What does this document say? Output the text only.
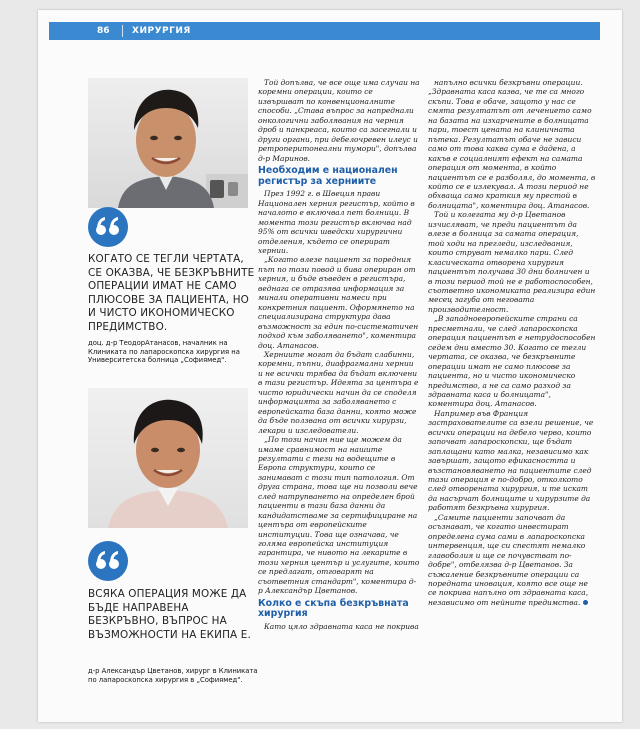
86 ХИРУРГИЯ
КОГАТО СЕ ТЕГЛИ ЧЕРТАТА, СЕ ОКАЗВА, ЧЕ БЕЗКРЪВНИТЕ ОПЕРАЦИИ ИМАТ НЕ САМО ПЛЮСОВЕ ЗА ПАЦИЕНТА, НО И ЧИСТО ИКОНОМИЧЕСКО ПРЕДИМСТВО.
доц. д-р ТеодорАтанасов, началник на Клиниката по лапароскопска хирургия на Университетска болница „Софиямед".
ВСЯКА ОПЕРАЦИЯ МОЖЕ ДА БЪДЕ НАПРАВЕНА БЕЗКРЪВНО, ВЪПРОС НА ВЪЗМОЖНОСТИ НА ЕКИПА Е.
д-р Александър Цветанов, хирург в Клиниката по лапароскопска хирургия в „Софиямед".

Той допълва, че все още има случаи на коремни операции, които се извършват по конвенционалните способи. „Става въпрос за напреднали онкологични заболявания на черния дроб и панкреаса, които са засегнали и други органи, при дебелочревен илеус и ретроперитонеални тумори", допълва д-р Маринов.

Необходим е национален регистър за херниите

През 1992 г. в Швеция прави Национален херния регистър, който в началото е включвал пет болници. В момента този регистър включва над 95% от всички шведски хирургични отделения, където се оперират хернии.

„Когато влезе пациент за поредния път по този повод и бива опериран от херния, и бъде въведен в регистъра, веднага се отразява информация за минали оперативни намеси при конкретния пациент. Оформянето на специализирана структура дава възможност за един по-систематичен подход към заболяването", коментира доц. Атанасов.

Херниите могат да бъдат слабинни, коремни, пъпни, диафрагмални хернии и не всички трябва да бъдат включени в тази регистър. Идеята за центъра е чисто юридически начин да се споделя информацията за заболяването с европейската база данни, която може да бъде ползвана от всички хирурзи, лекари и изследователи.

„По този начин ние ще можем да имаме сравнимост на нашите резултати с тези на водещите в Европа структури, които се занимават с този тип патология. От друга страна, това ще ни позволи вече след натрупването на определен брой пациенти в тази база данни да кандидатстваме за сертифициране на центъра от европейските институции. Това ще означава, че голяма европейска институция гарантира, че нивото на лекарите в този херния център и услугите, които се предлагат, отговарят на съответния стандарт", коментира д-р Александър Цветанов.

Колко е скъпа безкръвната хирургия

Като цяло здравната каса не покрива

напълно всички безкръвни операции. „Здравната каса казва, че те са много скъпи. Това е обаче, защото у нас се смята резултатът от лечението само на базата на изхарчените в болницата пари, тоест цената на клиничната пътека. Резултатът обаче не зависи само от това каква сума е дадена, а какъв е социалният ефект на самата операция от момента, в който пациентът се е разболял, до момента, в който се е излекувал. А този период не обхваща само краткия му престой в болницата", коментира доц. Атанасов.

Той и колегата му д-р Цветанов изчисляват, че преди пациентът да влезе в болница за самата операция, той ходи на прегледи, изследвания, които струват немалко пари. След класическата отворена хирургия пациентът получава 30 дни болничен и в този период той не е работоспособен, съответно икономиката реализира един месец загуба от неговата производителност.

„В западноевропейските страни са пресметнали, че след лапароскопска операция пациентът е нетрудоспособен седем дни вместо 30. Когато се тегли чертата, се оказва, че безкръвните операции имат не само плюсове за пациента, но и чисто икономическо предимство, а не са само разход за здравната каса и болницата", коментира доц. Атанасов.

Например във Франция застрахователите са взели решение, че всички операции на дебело черво, които започват лапароскопски, ще бъдат заплащани като малка, независимо как завършат, защото ефикасността и възстановяването на пациентите след тази операция е по-добро, отколкото след отворената хирургия, и те искат да насърчат болниците и хирурзите да работят безкръвна хирургия.

„Самите пациенти започват да осъзнават, че когато инвестират определена сума сами в лапароскопска интервенция, ще си спестят немалко главоболия и ще се почувстват по-добре", отбелязва д-р Цветанов. За съжаление безкръвните операции са поредната иновация, която все още не се покрива напълно от здравната каса, независимо от нейните предимства.
